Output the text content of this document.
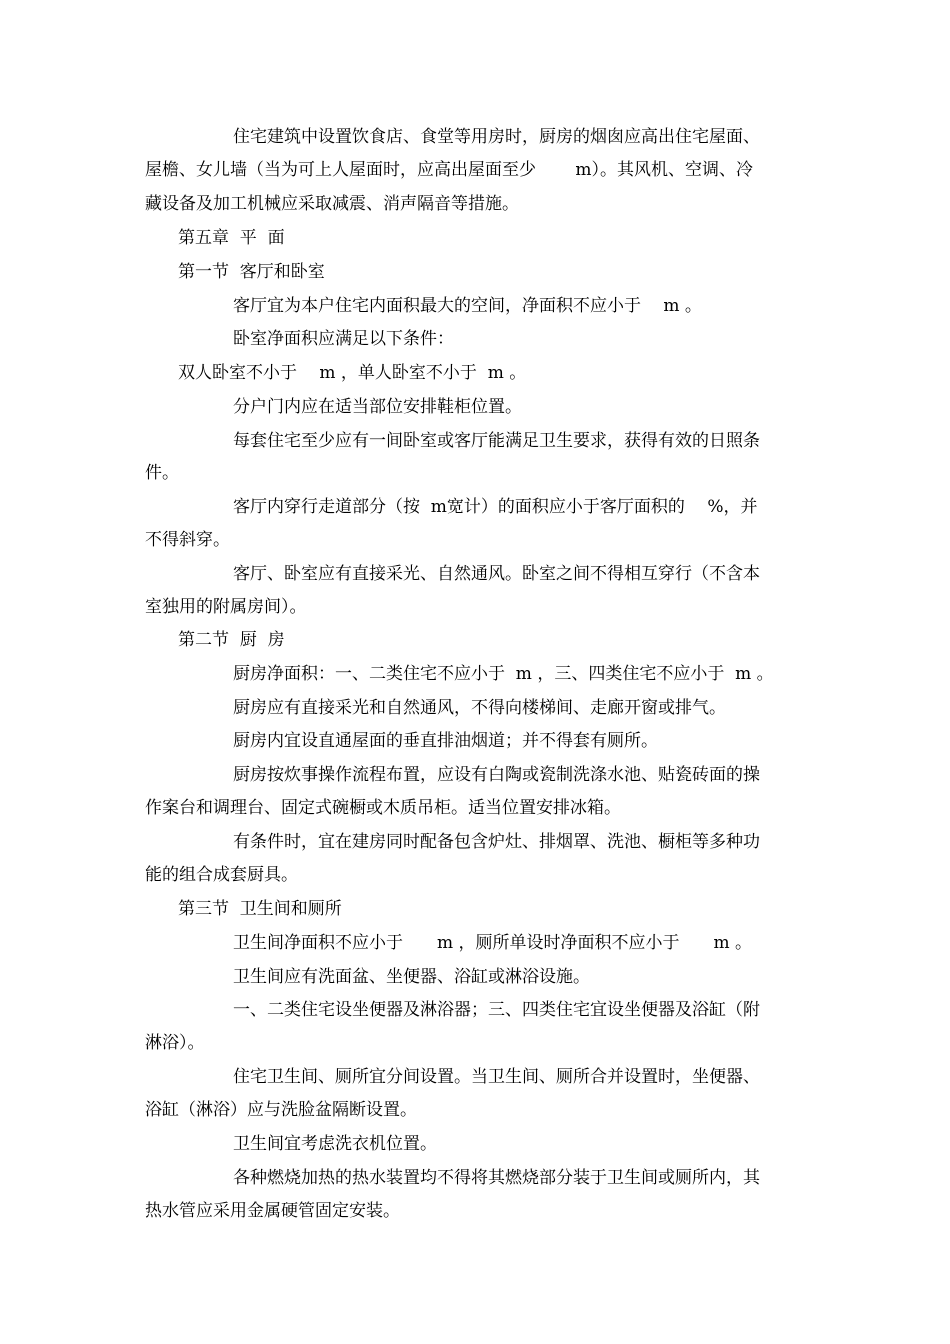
住宅建筑中设置饮食店、食堂等用房时，厨房的烟囱应高出住宅屋面、
屋檐、女儿墙（当为可上人屋面时，应高出屋面至少　　 m）。其风机、空调、冷
藏设备及加工机械应采取减震、消声隔音等措施。
第五章  平  面
第一节  客厅和卧室
客厅宜为本户住宅内面积最大的空间，净面积不应小于　 m 。
卧室净面积应满足以下条件：
双人卧室不小于　 m ，单人卧室不小于  m 。
分户门内应在适当部位安排鞋柜位置。
每套住宅至少应有一间卧室或客厅能满足卫生要求，获得有效的日照条
件。
客厅内穿行走道部分（按  m宽计）的面积应小于客厅面积的　 %，并
不得斜穿。
客厅、卧室应有直接采光、自然通风。卧室之间不得相互穿行（不含本
室独用的附属房间）。
第二节  厨  房
厨房净面积：一、二类住宅不应小于  m ，三、四类住宅不应小于  m 。
厨房应有直接采光和自然通风，不得向楼梯间、走廊开窗或排气。
厨房内宜设直通屋面的垂直排油烟道；并不得套有厕所。
厨房按炊事操作流程布置，应设有白陶或瓷制洗涤水池、贴瓷砖面的操
作案台和调理台、固定式碗橱或木质吊柜。适当位置安排冰箱。
有条件时，宜在建房同时配备包含炉灶、排烟罩、洗池、橱柜等多种功
能的组合成套厨具。
第三节  卫生间和厕所
卫生间净面积不应小于　　m ，厕所单设时净面积不应小于　　m 。
卫生间应有洗面盆、坐便器、浴缸或淋浴设施。
一、二类住宅设坐便器及淋浴器；三、四类住宅宜设坐便器及浴缸（附
淋浴）。
住宅卫生间、厕所宜分间设置。当卫生间、厕所合并设置时，坐便器、
浴缸（淋浴）应与洗脸盆隔断设置。
卫生间宜考虑洗衣机位置。
各种燃烧加热的热水装置均不得将其燃烧部分装于卫生间或厕所内，其
热水管应采用金属硬管固定安装。
